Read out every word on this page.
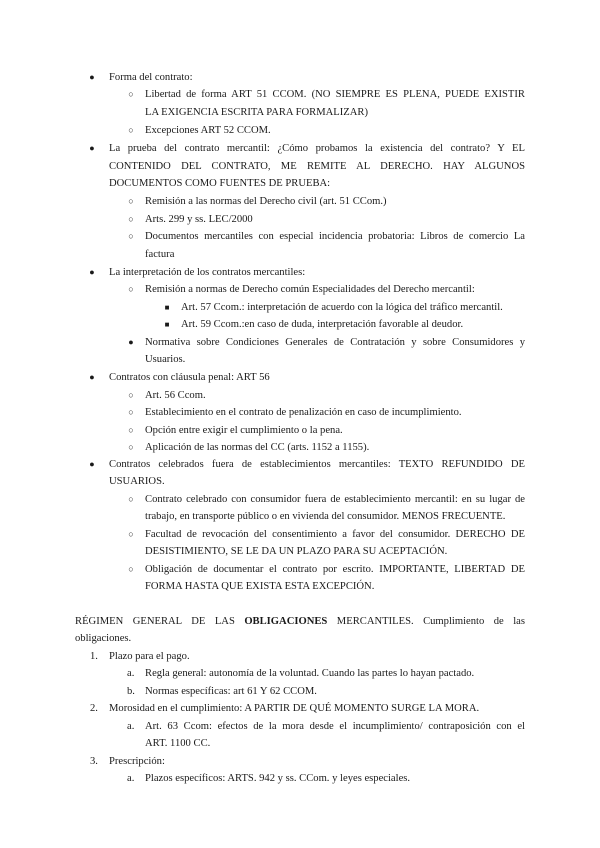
● Forma del contrato:
○ Libertad de forma ART 51 CCOM. (NO SIEMPRE ES PLENA, PUEDE EXISTIR
LA EXIGENCIA ESCRITA PARA FORMALIZAR)
○ Excepciones ART 52 CCOM.
● La prueba del contrato mercantil: ¿Cómo probamos la existencia del contrato? Y EL
CONTENIDO DEL CONTRATO, ME REMITE AL DERECHO. HAY ALGUNOS
DOCUMENTOS COMO FUENTES DE PRUEBA:
○ Remisión a las normas del Derecho civil (art. 51 CCom.)
○ Arts. 299 y ss. LEC/2000
○ Documentos mercantiles con especial incidencia probatoria: Libros de comercio La
factura
● La interpretación de los contratos mercantiles:
○ Remisión a normas de Derecho común Especialidades del Derecho mercantil:
■ Art. 57 Ccom.: interpretación de acuerdo con la lógica del tráfico mercantil.
■ Art. 59 Ccom.:en caso de duda, interpretación favorable al deudor.
● Normativa sobre Condiciones Generales de Contratación y sobre Consumidores y
Usuarios.
● Contratos con cláusula penal: ART 56
○ Art. 56 Ccom.
○ Establecimiento en el contrato de penalización en caso de incumplimiento.
○ Opción entre exigir el cumplimiento o la pena.
○ Aplicación de las normas del CC (arts. 1152 a 1155).
● Contratos celebrados fuera de establecimientos mercantiles: TEXTO REFUNDIDO DE
USUARIOS.
○ Contrato celebrado con consumidor fuera de establecimiento mercantil: en su lugar de
trabajo, en transporte público o en vivienda del consumidor. MENOS FRECUENTE.
○ Facultad de revocación del consentimiento a favor del consumidor. DERECHO DE
DESISTIMIENTO, SE LE DA UN PLAZO PARA SU ACEPTACIÓN.
○ Obligación de documentar el contrato por escrito. IMPORTANTE, LIBERTAD DE
FORMA HASTA QUE EXISTA ESTA EXCEPCIÓN.
RÉGIMEN GENERAL DE LAS OBLIGACIONES MERCANTILES. Cumplimiento de las
obligaciones.
1. Plazo para el pago.
a. Regla general: autonomía de la voluntad. Cuando las partes lo hayan pactado.
b. Normas específicas: art 61 Y 62 CCOM.
2. Morosidad en el cumplimiento: A PARTIR DE QUÉ MOMENTO SURGE LA MORA.
a. Art. 63 Ccom: efectos de la mora desde el incumplimiento/ contraposición con el
ART. 1100 CC.
3. Prescripción:
a. Plazos específicos: ARTS. 942 y ss. CCom. y leyes especiales.
